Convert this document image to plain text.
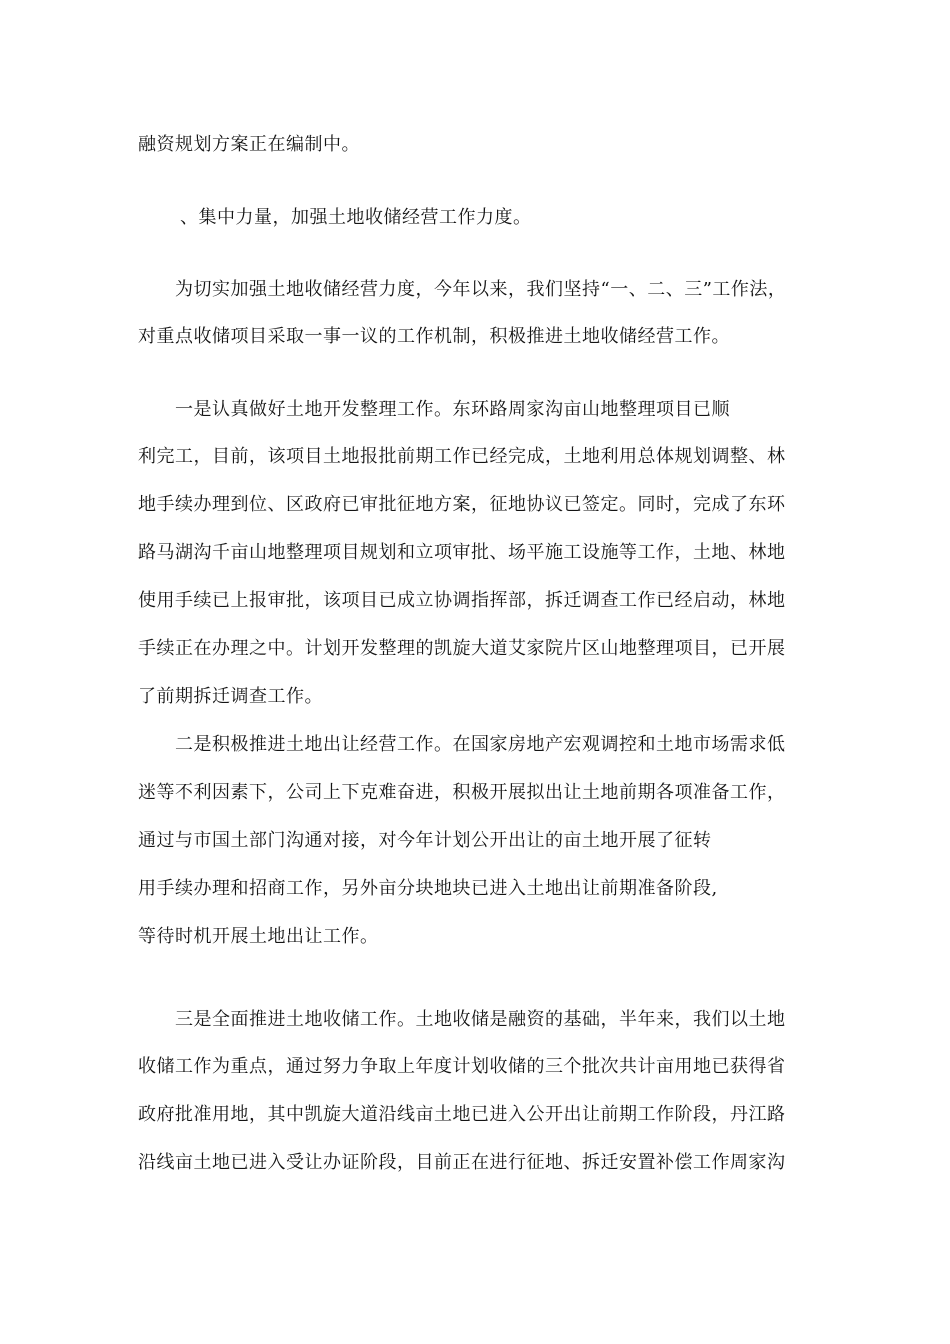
融资规划方案正在编制中。
、集中力量，加强土地收储经营工作力度。
为切实加强土地收储经营力度，今年以来，我们坚持“一、二、三”工作法，
对重点收储项目采取一事一议的工作机制，积极推进土地收储经营工作。
一是认真做好土地开发整理工作。东环路周家沟亩山地整理项目已顺
利完工，目前，该项目土地报批前期工作已经完成，土地利用总体规划调整、林
地手续办理到位、区政府已审批征地方案，征地协议已签定。同时，完成了东环
路马湖沟千亩山地整理项目规划和立项审批、场平施工设施等工作，土地、林地
使用手续已上报审批，该项目已成立协调指挥部，拆迁调查工作已经启动，林地
手续正在办理之中。计划开发整理的凯旋大道艾家院片区山地整理项目，已开展
了前期拆迁调查工作。
二是积极推进土地出让经营工作。在国家房地产宏观调控和土地市场需求低
迷等不利因素下，公司上下克难奋进，积极开展拟出让土地前期各项准备工作，
通过与市国土部门沟通对接，对今年计划公开出让的亩土地开展了征转
用手续办理和招商工作，另外亩分块地块已进入土地出让前期准备阶段,
等待时机开展土地出让工作。
三是全面推进土地收储工作。土地收储是融资的基础，半年来，我们以土地
收储工作为重点，通过努力争取上年度计划收储的三个批次共计亩用地已获得省
政府批准用地，其中凯旋大道沿线亩土地已进入公开出让前期工作阶段，丹江路
沿线亩土地已进入受让办证阶段，目前正在进行征地、拆迁安置补偿工作周家沟
